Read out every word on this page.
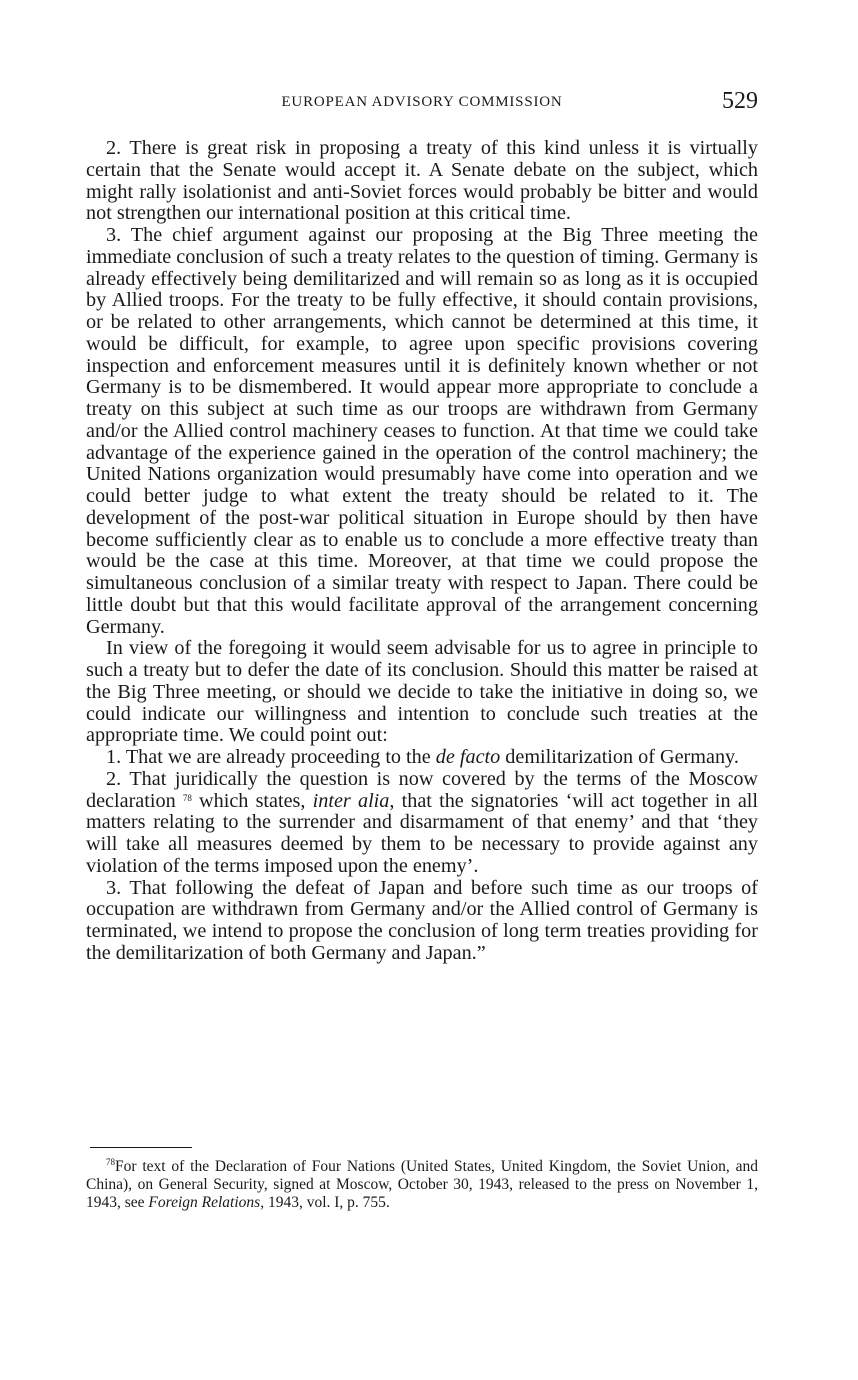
EUROPEAN ADVISORY COMMISSION	529

2. There is great risk in proposing a treaty of this kind unless it is virtually certain that the Senate would accept it. A Senate debate on the subject, which might rally isolationist and anti-Soviet forces would probably be bitter and would not strengthen our international position at this critical time.

3. The chief argument against our proposing at the Big Three meeting the immediate conclusion of such a treaty relates to the question of timing. Germany is already effectively being demilitarized and will remain so as long as it is occupied by Allied troops. For the treaty to be fully effective, it should contain provisions, or be related to other arrangements, which cannot be determined at this time, it would be difficult, for example, to agree upon specific provisions covering inspection and enforcement measures until it is definitely known whether or not Germany is to be dismembered. It would appear more appropriate to conclude a treaty on this subject at such time as our troops are withdrawn from Germany and/or the Allied control machinery ceases to function. At that time we could take advantage of the experience gained in the operation of the control machinery; the United Nations organization would presumably have come into operation and we could better judge to what extent the treaty should be related to it. The development of the post-war political situation in Europe should by then have become sufficiently clear as to enable us to conclude a more effective treaty than would be the case at this time. Moreover, at that time we could propose the simultaneous conclusion of a similar treaty with respect to Japan. There could be little doubt but that this would facilitate approval of the arrangement concerning Germany.

In view of the foregoing it would seem advisable for us to agree in principle to such a treaty but to defer the date of its conclusion. Should this matter be raised at the Big Three meeting, or should we decide to take the initiative in doing so, we could indicate our willingness and intention to conclude such treaties at the appropriate time. We could point out:

1. That we are already proceeding to the de facto demilitarization of Germany.

2. That juridically the question is now covered by the terms of the Moscow declaration $^{78}$ which states, inter alia, that the signatories ‘will act together in all matters relating to the surrender and disarmament of that enemy’ and that ‘they will take all measures deemed by them to be necessary to provide against any violation of the terms imposed upon the enemy’.

3. That following the defeat of Japan and before such time as our troops of occupation are withdrawn from Germany and/or the Allied control of Germany is terminated, we intend to propose the conclusion of long term treaties providing for the demilitarization of both Germany and Japan.”

$^{78}$For text of the Declaration of Four Nations (United States, United Kingdom, the Soviet Union, and China), on General Security, signed at Moscow, October 30, 1943, released to the press on November 1, 1943, see Foreign Relations, 1943, vol. I, p. 755.
